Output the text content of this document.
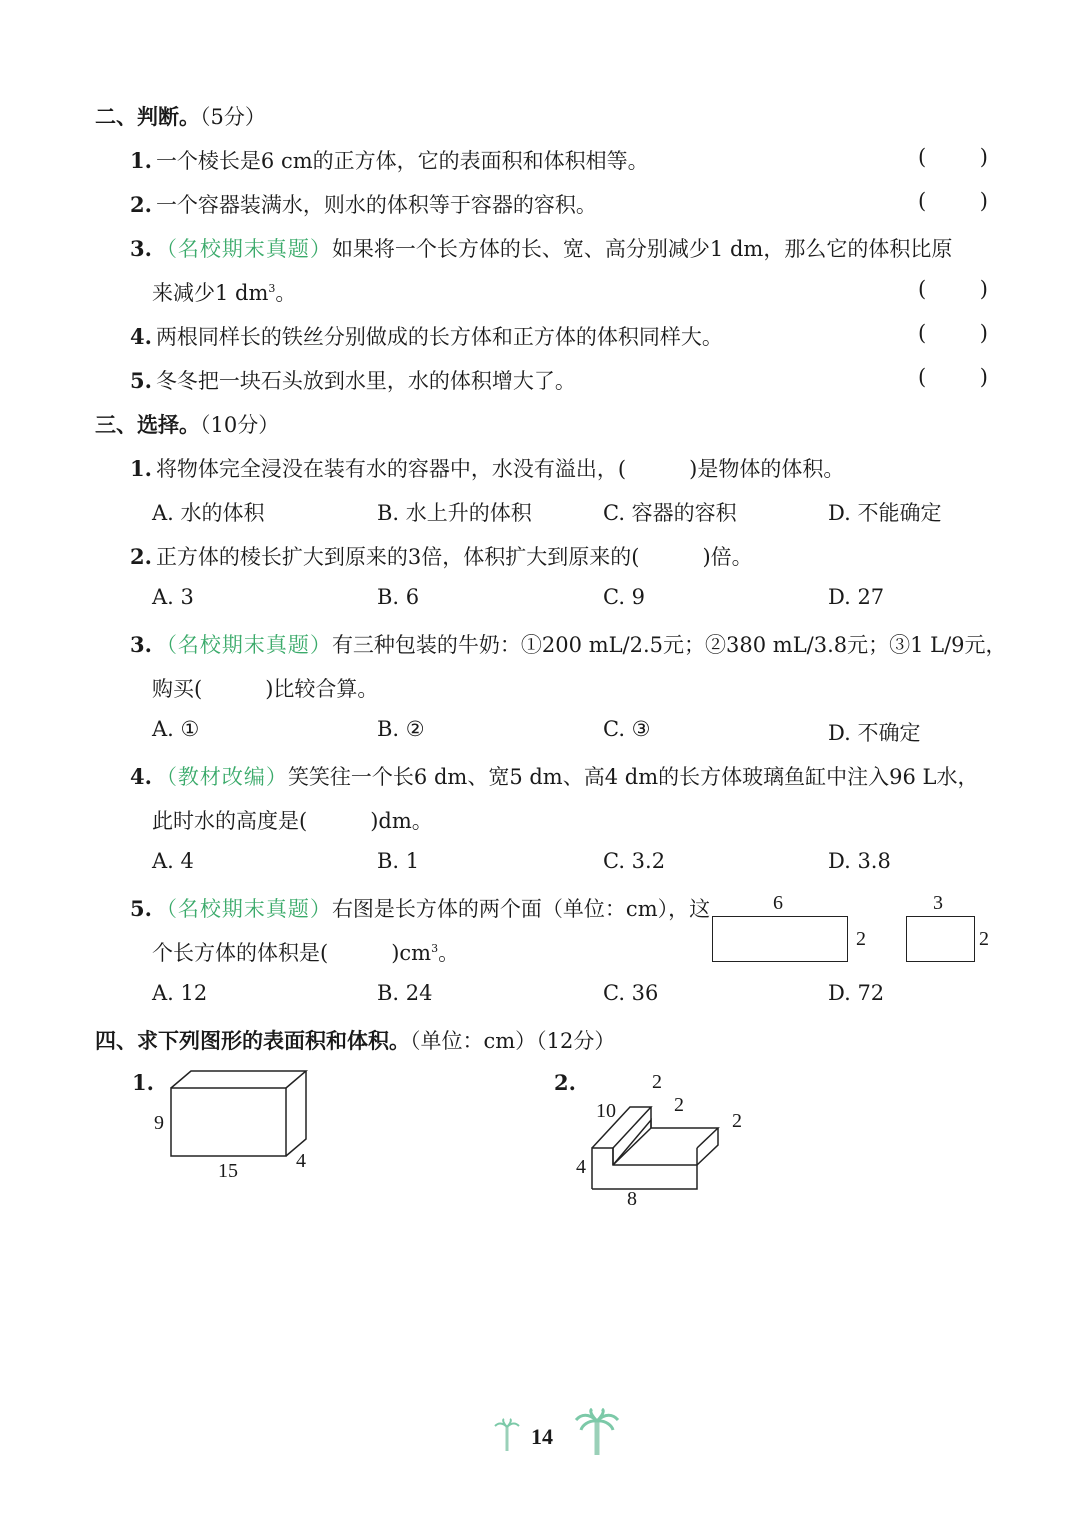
二、判断。（5分）
1. 一个棱长是6 cm的正方体，它的表面积和体积相等。
2. 一个容器装满水，则水的体积等于容器的容积。
3. （名校期末真题）如果将一个长方体的长、宽、高分别减少1 dm，那么它的体积比原
来减少1 $dm^3$。
4. 两根同样长的铁丝分别做成的长方体和正方体的体积同样大。
5. 冬冬把一块石头放到水里，水的体积增大了。
(	)
(	)
(	)
(	)
(	)
三、选择。（10分）
1. 将物体完全浸没在装有水的容器中，水没有溢出，(　　　)是物体的体积。
A. 水的体积	B. 水上升的体积	C. 容器的容积	D. 不能确定
2. 正方体的棱长扩大到原来的3倍，体积扩大到原来的(　　　)倍。
A. 3	B. 6	C. 9	D. 27
3. （名校期末真题）有三种包装的牛奶：①200 mL/2.5元；②380 mL/3.8元；③1 L/9元，
购买(　　　)比较合算。
A. ①	B. ②	C. ③	D. 不确定
4. （教材改编）笑笑往一个长6 dm、宽5 dm、高4 dm的长方体玻璃鱼缸中注入96 L水，
此时水的高度是(　　　)dm。
A. 4	B. 1	C. 3.2	D. 3.8
5. （名校期末真题）右图是长方体的两个面（单位：cm），这
个长方体的体积是(　　　)$cm^3$。
6
2
3
2
A. 12	B. 24	C. 36	D. 72
四、求下列图形的表面积和体积。（单位：cm）（12分）
1.
9
15	4
2.	2
10	2
2
4
8
14
